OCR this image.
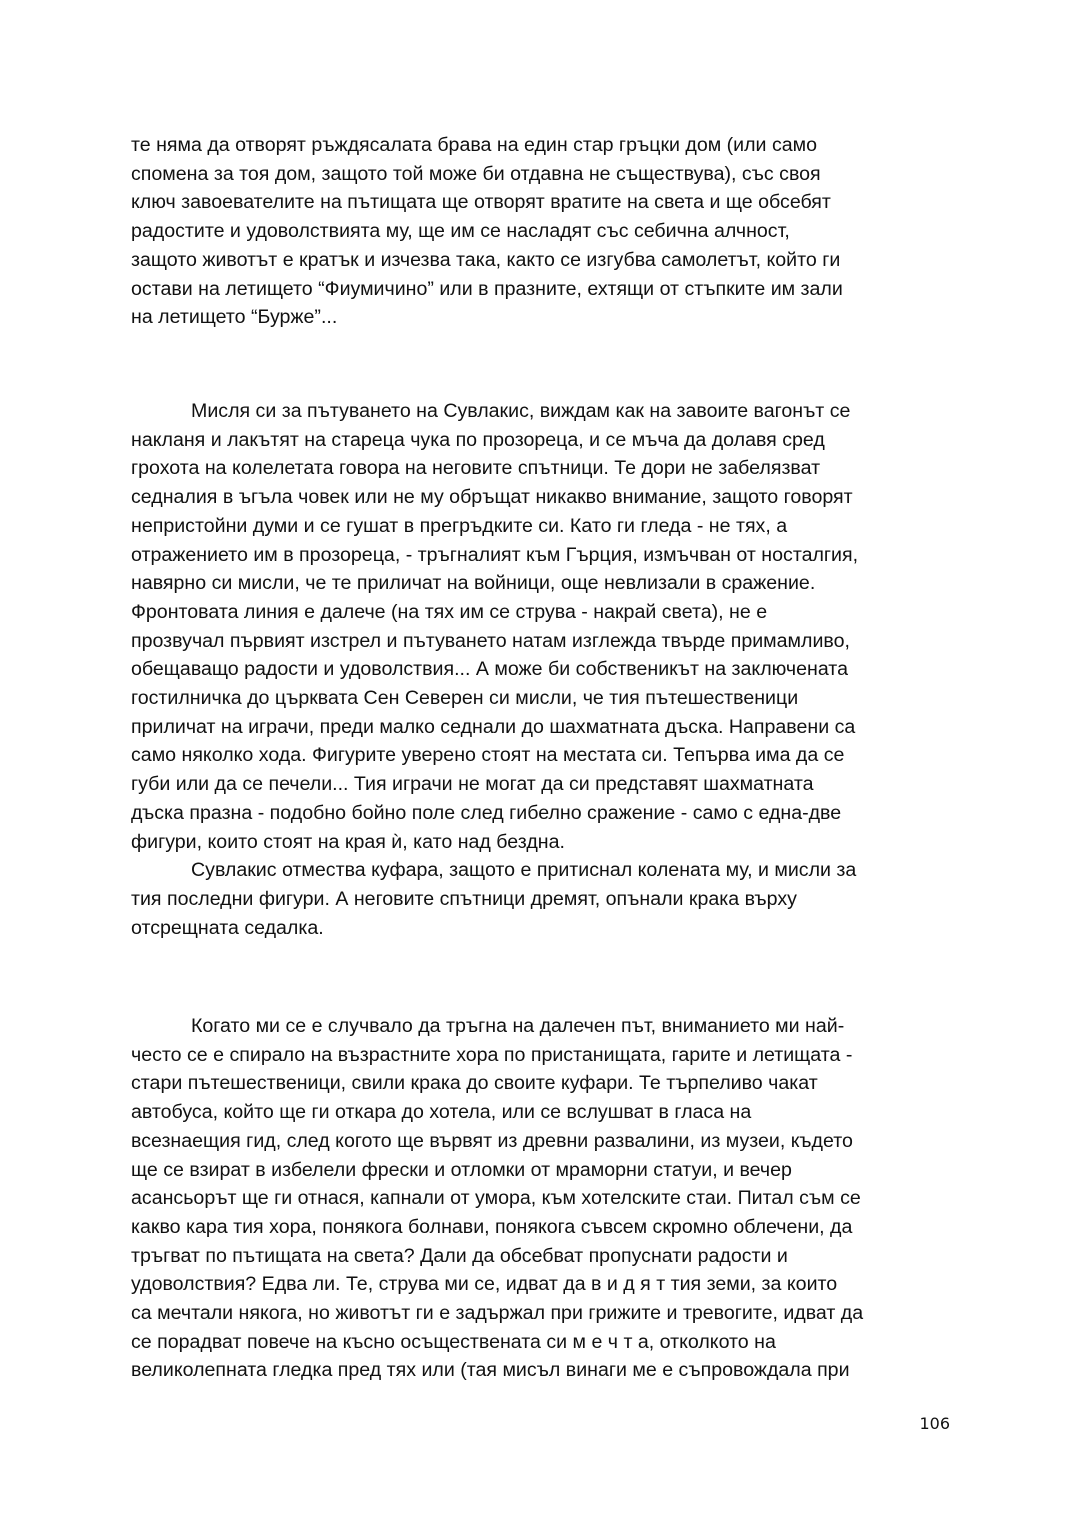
те няма да отворят ръждясалата брава на един стар гръцки дом (или само
спомена за тоя дом, защото той може би отдавна не съществува), със своя
ключ завоевателите на пътищата ще отворят вратите на света и ще обсебят
радостите и удоволствията му, ще им се насладят със себична алчност,
защото животът е кратък и изчезва така, както се изгубва самолетът, който ги
остави на летището “Фиумичино” или в празните, ехтящи от стъпките им зали
на летището “Бурже”...
Мисля си за пътуването на Сувлакис, виждам как на завоите вагонът се
накланя и лакътят на стареца чука по прозореца, и се мъча да долавя сред
грохота на колелетата говора на неговите спътници. Те дори не забелязват
седналия в ъгъла човек или не му обръщат никакво внимание, защото говорят
непристойни думи и се гушат в прегръдките си. Като ги гледа - не тях, а
отражението им в прозореца, - тръгналият към Гърция, измъчван от носталгия,
навярно си мисли, че те приличат на войници, още невлизали в сражение.
Фронтовата линия е далече (на тях им се струва - накрай света), не е
прозвучал първият изстрел и пътуването натам изглежда твърде примамливо,
обещаващо радости и удоволствия... А може би собственикът на заключената
гостилничка до църквата Сен Северен си мисли, че тия пътешественици
приличат на играчи, преди малко седнали до шахматната дъска. Направени са
само няколко хода. Фигурите уверено стоят на местата си. Тепърва има да се
губи или да се печели... Тия играчи не могат да си представят шахматната
дъска празна - подобно бойно поле след гибелно сражение - само с една-две
фигури, които стоят на края ѝ, като над бездна.
Сувлакис отмества куфара, защото е притиснал колената му, и мисли за
тия последни фигури. А неговите спътници дремят, опънали крака върху
отсрещната седалка.
Когато ми се е случвало да тръгна на далечен път, вниманието ми най-
често се е спирало на възрастните хора по пристанищата, гарите и летищата -
стари пътешественици, свили крака до своите куфари. Те търпеливо чакат
автобуса, който ще ги откара до хотела, или се вслушват в гласа на
всезнаещия гид, след когото ще вървят из древни развалини, из музеи, където
ще се взират в избелели фрески и отломки от мраморни статуи, и вечер
асансьорът ще ги отнася, капнали от умора, към хотелските стаи. Питал съм се
какво кара тия хора, понякога болнави, понякога съвсем скромно облечени, да
тръгват по пътищата на света? Дали да обсебват пропуснати радости и
удоволствия? Едва ли. Те, струва ми се, идват да в и д я т тия земи, за които
са мечтали някога, но животът ги е задържал при грижите и тревогите, идват да
се порадват повече на късно осъществената си м е ч т а, отколкото на
великолепната гледка пред тях или (тая мисъл винаги ме е съпровождала при
106
